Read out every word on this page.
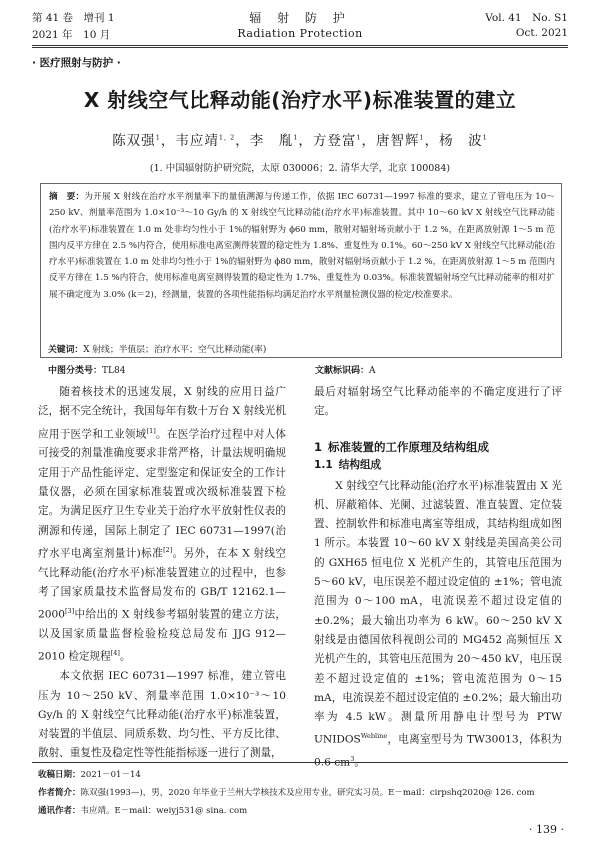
第 41 卷　增刊 1
2021 年　10 月
辐 射 防 护
Radiation Protection
Vol. 41　No. S1
Oct. 2021
· 医疗照射与防护 ·
X 射线空气比释动能(治疗水平)标准装置的建立
陈双强$^1$，韦应靖$^{1, 2}$，李　胤$^1$，方登富$^1$，唐智辉$^1$，杨　波$^1$
(1. 中国辐射防护研究院，太原 030006；2. 清华大学，北京 100084)
摘　要：为开展 X 射线在治疗水平剂量率下的量值溯源与传递工作，依据 IEC 60731—1997 标准的要求，建立了管电压为 10～250 kV、剂量率范围为 1.0×10⁻³～10 Gy/h 的 X 射线空气比释动能(治疗水平)标准装置。其中 10～60 kV X 射线空气比释动能(治疗水平)标准装置在 1.0 m 处非均匀性小于 1%的辐射野为 ϕ60 mm，散射对辐射场贡献小于 1.2 %，在距离放射源 1～5 m 范围内反平方律在 2.5 %内符合，使用标准电离室测得装置的稳定性为 1.8%、重复性为 0.1%。60～250 kV X 射线空气比释动能(治疗水平)标准装置在 1.0 m 处非均匀性小于 1%的辐射野为 ϕ80 mm，散射对辐射场贡献小于 1.2 %，在距离放射源 1～5 m 范围内反平方律在 1.5 %内符合，使用标准电离室测得装置的稳定性为 1.7%、重复性为 0.03%。标准装置辐射场空气比释动能率的相对扩展不确定度为 3.0% (k＝2)，经测量，装置的各项性能指标均满足治疗水平剂量检测仪器的检定/校准要求。
关键词：X 射线；半值层；治疗水平；空气比释动能(率)
中图分类号：TL84	文献标识码：A

随着核技术的迅速发展，X 射线的应用日益广泛，据不完全统计，我国每年有数十万台 X 射线光机应用于医学和工业领域[1]。在医学治疗过程中对人体可接受的剂量准确度要求非常严格，计量法规明确规定用于产品性能评定、定型鉴定和保证安全的工作计量仪器，必须在国家标准装置或次级标准装置下检定。为满足医疗卫生专业关于治疗水平放射性仪表的溯源和传递，国际上制定了 IEC 60731—1997(治疗水平电离室剂量计)标准[2]。另外，在本 X 射线空气比释动能(治疗水平)标准装置建立的过程中，也参考了国家质量技术监督局发布的 GB/T 12162.1—2000[3]中给出的 X 射线参考辐射装置的建立方法，以及国家质量监督检验检疫总局发布 JJG 912—2010 检定规程[4]。

本文依据 IEC 60731—1997 标准，建立管电压为 10～250 kV、剂量率范围 1.0×10⁻³～10 Gy/h 的 X 射线空气比释动能(治疗水平)标准装置，对装置的半值层、同质系数、均匀性、平方反比律、散射、重复性及稳定性等性能指标逐一进行了测量，

最后对辐射场空气比释动能率的不确定度进行了评定。

1 标准装置的工作原理及结构组成
1.1 结构组成

X 射线空气比释动能(治疗水平)标准装置由 X 光机、屏蔽箱体、光阑、过滤装置、准直装置、定位装置、控制软件和标准电离室等组成，其结构组成如图 1 所示。本装置 10～60 kV X 射线是美国高美公司的 GXH65 恒电位 X 光机产生的，其管电压范围为 5～60 kV，电压误差不超过设定值的 ±1%；管电流范围为 0～100 mA，电流误差不超过设定值的 ±0.2%；最大输出功率为 6 kW。60～250 kV X 射线是由德国依科视朗公司的 MG452 高频恒压 X 光机产生的，其管电压范围为 20～450 kV，电压误差不超过设定值的 ±1%；管电流范围为 0～15 mA，电流误差不超过设定值的 ±0.2%；最大输出功率为 4.5 kW。测量所用静电计型号为 PTW $UNIDOS^{Webline}$，电离室型号为 TW30013，体积为 0.6 $cm^3$。

收稿日期：2021－01－14
作者简介：陈双强(1993—)，男，2020 年毕业于兰州大学核技术及应用专业，研究实习员。E－mail：cirpshq2020@ 126. com
通讯作者：韦应靖。E－mail：weiyj531@ sina. com
· 139 ·
